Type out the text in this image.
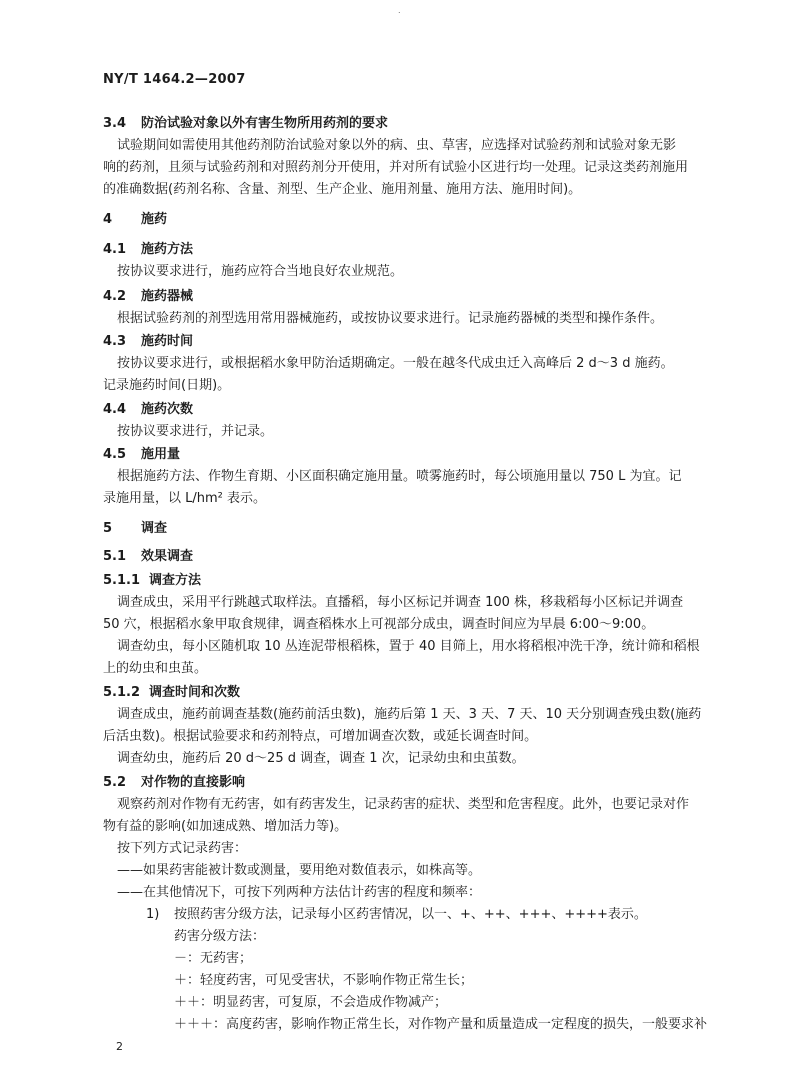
.
NY/T 1464.2—2007
3.4 防治试验对象以外有害生物所用药剂的要求
试验期间如需使用其他药剂防治试验对象以外的病、虫、草害，应选择对试验药剂和试验对象无影
响的药剂，且须与试验药剂和对照药剂分开使用，并对所有试验小区进行均一处理。记录这类药剂施用
的准确数据(药剂名称、含量、剂型、生产企业、施用剂量、施用方法、施用时间)。
4 施药
4.1 施药方法
按协议要求进行，施药应符合当地良好农业规范。
4.2 施药器械
根据试验药剂的剂型选用常用器械施药，或按协议要求进行。记录施药器械的类型和操作条件。
4.3 施药时间
按协议要求进行，或根据稻水象甲防治适期确定。一般在越冬代成虫迁入高峰后 2 d～3 d 施药。
记录施药时间(日期)。
4.4 施药次数
按协议要求进行，并记录。
4.5 施用量
根据施药方法、作物生育期、小区面积确定施用量。喷雾施药时，每公顷施用量以 750 L 为宜。记
录施用量，以 L/hm² 表示。
5 调查
5.1 效果调查
5.1.1 调查方法
调查成虫，采用平行跳越式取样法。直播稻，每小区标记并调查 100 株，移栽稻每小区标记并调查
50 穴，根据稻水象甲取食规律，调查稻株水上可视部分成虫，调查时间应为早晨 6:00～9:00。
调查幼虫，每小区随机取 10 丛连泥带根稻株，置于 40 目筛上，用水将稻根冲洗干净，统计筛和稻根
上的幼虫和虫茧。
5.1.2 调查时间和次数
调查成虫，施药前调查基数(施药前活虫数)，施药后第 1 天、3 天、7 天、10 天分别调查残虫数(施药
后活虫数)。根据试验要求和药剂特点，可增加调查次数，或延长调查时间。
调查幼虫，施药后 20 d～25 d 调查，调查 1 次，记录幼虫和虫茧数。
5.2 对作物的直接影响
观察药剂对作物有无药害，如有药害发生，记录药害的症状、类型和危害程度。此外，也要记录对作
物有益的影响(如加速成熟、增加活力等)。
按下列方式记录药害：
——如果药害能被计数或测量，要用绝对数值表示，如株高等。
——在其他情况下，可按下列两种方法估计药害的程度和频率：
1) 按照药害分级方法，记录每小区药害情况，以一、+、++、+++、++++表示。
药害分级方法：
－：无药害；
＋：轻度药害，可见受害状，不影响作物正常生长；
＋＋：明显药害，可复原，不会造成作物减产；
＋＋＋：高度药害，影响作物正常生长，对作物产量和质量造成一定程度的损失，一般要求补
2
